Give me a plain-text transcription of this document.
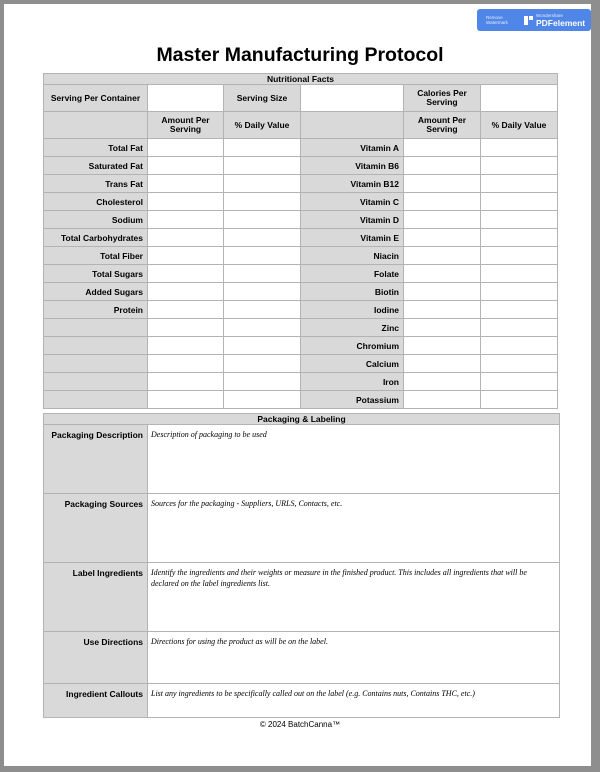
Remove Watermark
Wondershare
PDFelement
Master Manufacturing Protocol
Nutritional Facts					
Serving Per Container		Serving Size		Calories Per Serving	
	Amount Per Serving	% Daily Value		Amount Per Serving	% Daily Value
Total Fat			Vitamin A		
Saturated Fat			Vitamin B6		
Trans Fat			Vitamin B12		
Cholesterol			Vitamin C		
Sodium			Vitamin D		
Total Carbohydrates			Vitamin E		
Total Fiber			Niacin		
Total Sugars			Folate		
Added Sugars			Biotin		
Protein			Iodine		
			Zinc		
			Chromium		
			Calcium		
			Iron		
			Potassium		
Packaging & Labeling	
Packaging Description	Description of packaging to be used
Packaging Sources	Sources for the packaging - Suppliers, URLS, Contacts, etc.
Label Ingredients	Identify the ingredients and their weights or measure in the finished product. This includes all ingredients that will be declared on the label ingredients list.
Use Directions	Directions for using the product as will be on the label.
Ingredient Callouts	List any ingredients to be specifically called out on the label (e.g. Contains nuts, Contains THC, etc.)
© 2024 BatchCanna™
